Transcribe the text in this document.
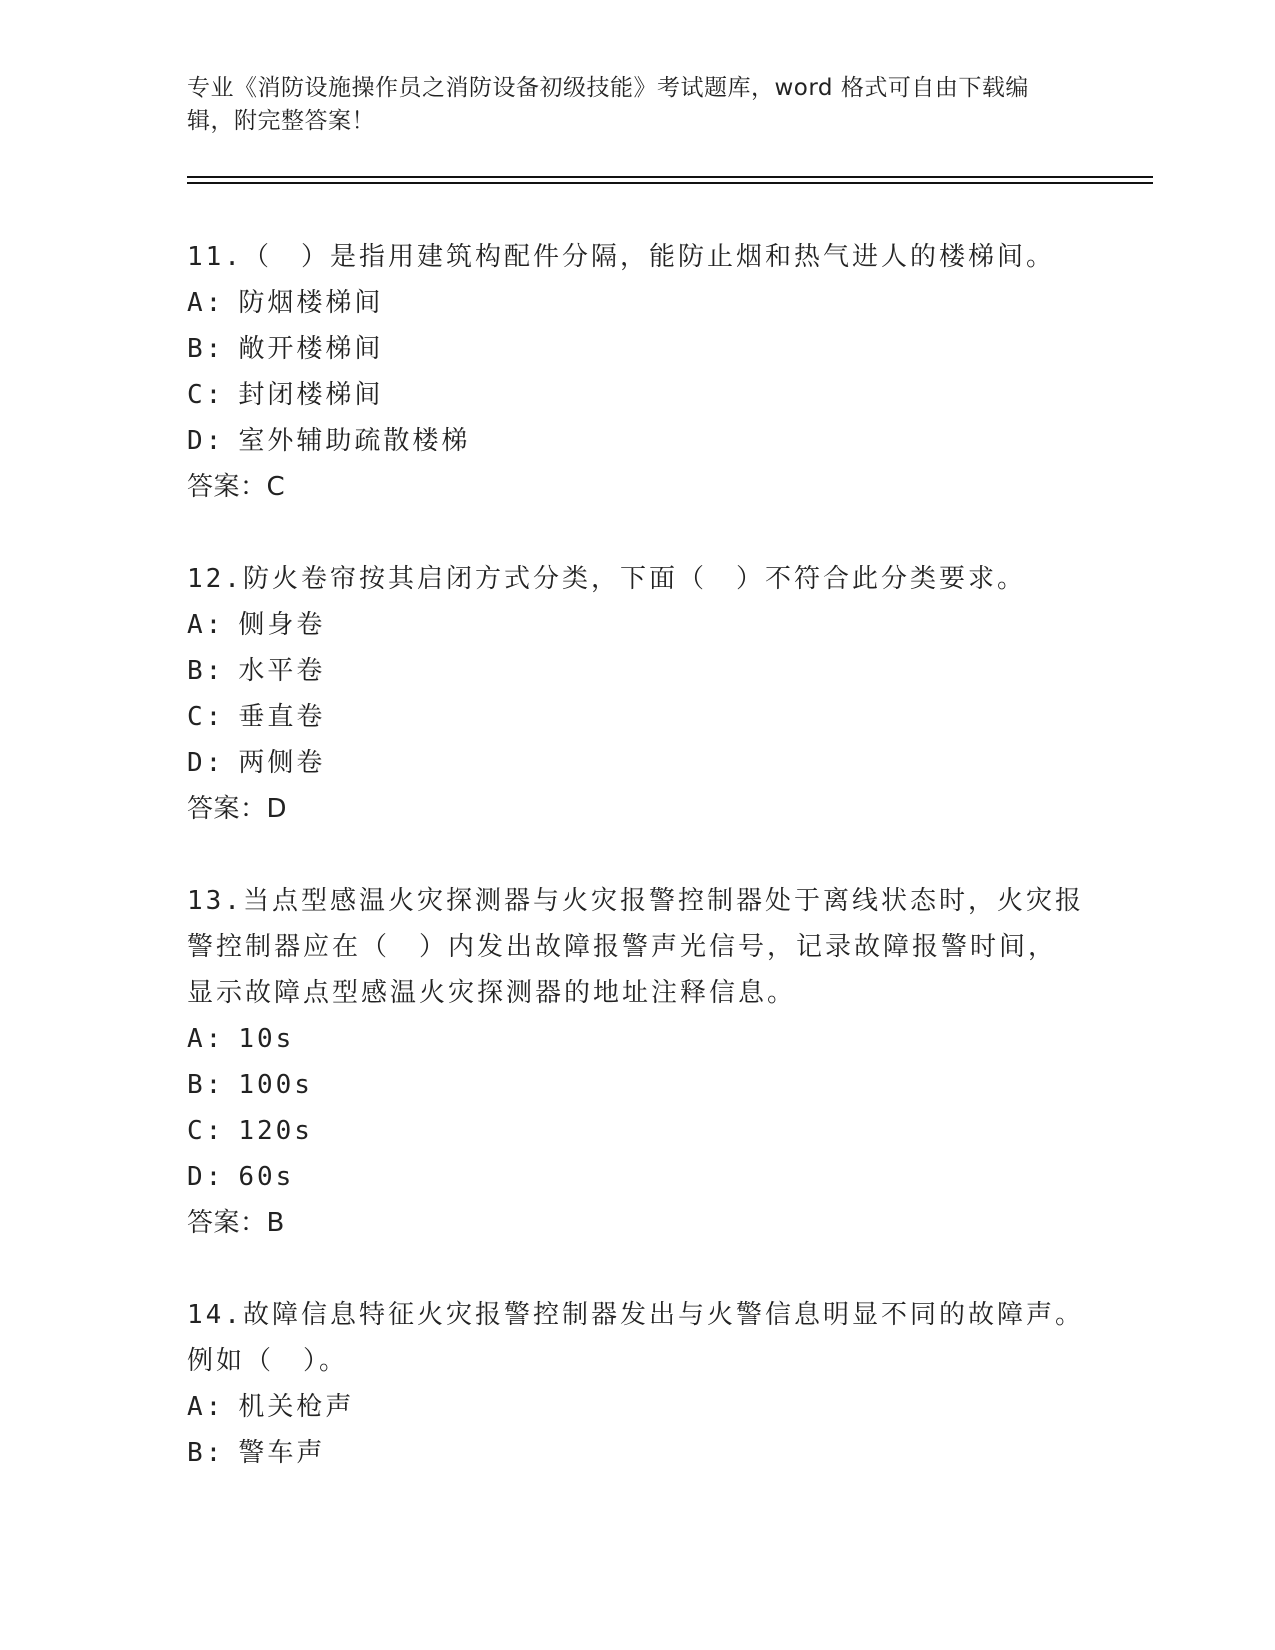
专业《消防设施操作员之消防设备初级技能》考试题库，word 格式可自由下载编
辑，附完整答案！
11.（　）是指用建筑构配件分隔，能防止烟和热气进人的楼梯间。
A: 防烟楼梯间
B: 敞开楼梯间
C: 封闭楼梯间
D: 室外辅助疏散楼梯
答案：C
12.防火卷帘按其启闭方式分类，下面（　）不符合此分类要求。
A: 侧身卷
B: 水平卷
C: 垂直卷
D: 两侧卷
答案：D
13.当点型感温火灾探测器与火灾报警控制器处于离线状态时，火灾报
警控制器应在（　）内发出故障报警声光信号，记录故障报警时间，
显示故障点型感温火灾探测器的地址注释信息。
A: 10s
B: 100s
C: 120s
D: 60s
答案：B
14.故障信息特征火灾报警控制器发出与火警信息明显不同的故障声。
例如（　）。
A: 机关枪声
B: 警车声
